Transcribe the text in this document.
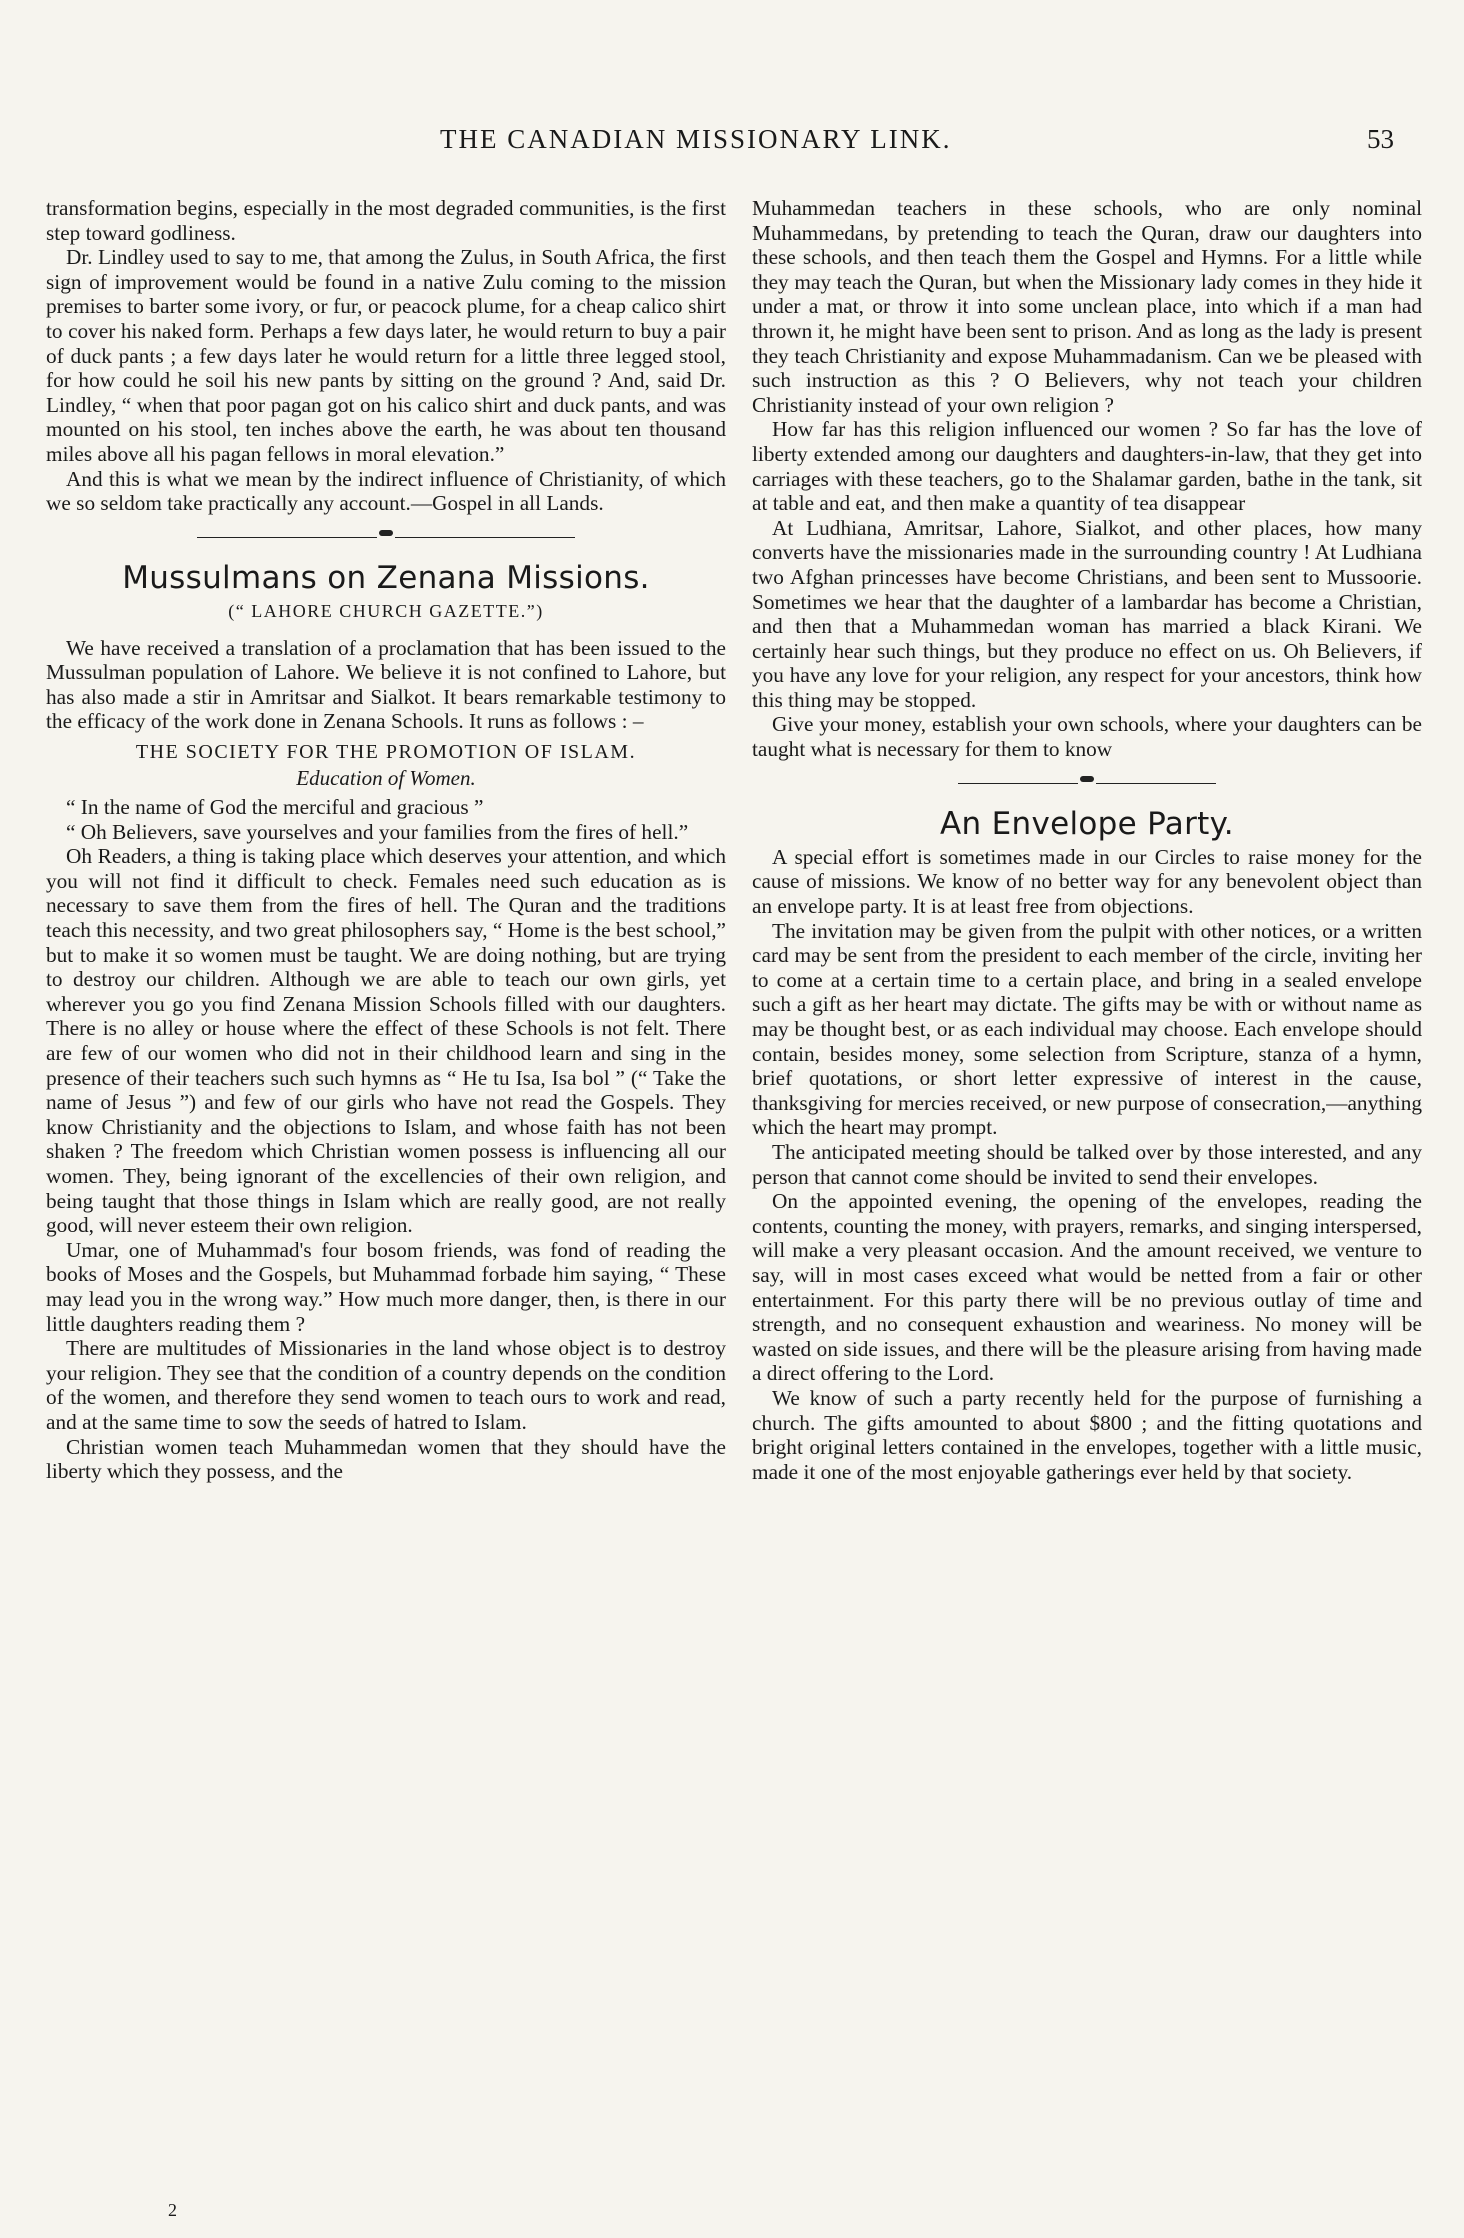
THE CANADIAN MISSIONARY LINK.	53

transformation begins, especially in the most degraded communities, is the first step toward godliness.

Dr. Lindley used to say to me, that among the Zulus, in South Africa, the first sign of improvement would be found in a native Zulu coming to the mission premises to barter some ivory, or fur, or peacock plume, for a cheap calico shirt to cover his naked form. Perhaps a few days later, he would return to buy a pair of duck pants ; a few days later he would return for a little three legged stool, for how could he soil his new pants by sitting on the ground ? And, said Dr. Lindley, “ when that poor pagan got on his calico shirt and duck pants, and was mounted on his stool, ten inches above the earth, he was about ten thousand miles above all his pagan fellows in moral elevation.”

And this is what we mean by the indirect influence of Christianity, of which we so seldom take practically any account.—Gospel in all Lands.

Mussulmans on Zenana Missions.
(“ LAHORE CHURCH GAZETTE.”)

We have received a translation of a proclamation that has been issued to the Mussulman population of Lahore. We believe it is not confined to Lahore, but has also made a stir in Amritsar and Sialkot. It bears remarkable testimony to the efficacy of the work done in Zenana Schools. It runs as follows : –

THE SOCIETY FOR THE PROMOTION OF ISLAM.
Education of Women.

“ In the name of God the merciful and gracious ”

“ Oh Believers, save yourselves and your families from the fires of hell.”

Oh Readers, a thing is taking place which deserves your attention, and which you will not find it difficult to check. Females need such education as is necessary to save them from the fires of hell. The Quran and the traditions teach this necessity, and two great philosophers say, “ Home is the best school,” but to make it so women must be taught. We are doing nothing, but are trying to destroy our children. Although we are able to teach our own girls, yet wherever you go you find Zenana Mission Schools filled with our daughters. There is no alley or house where the effect of these Schools is not felt. There are few of our women who did not in their childhood learn and sing in the presence of their teachers such such hymns as “ He tu Isa, Isa bol ” (“ Take the name of Jesus ”) and few of our girls who have not read the Gospels. They know Christianity and the objections to Islam, and whose faith has not been shaken ? The freedom which Christian women possess is influencing all our women. They, being ignorant of the excellencies of their own religion, and being taught that those things in Islam which are really good, are not really good, will never esteem their own religion.

Umar, one of Muhammad's four bosom friends, was fond of reading the books of Moses and the Gospels, but Muhammad forbade him saying, “ These may lead you in the wrong way.” How much more danger, then, is there in our little daughters reading them ?

There are multitudes of Missionaries in the land whose object is to destroy your religion. They see that the condition of a country depends on the condition of the women, and therefore they send women to teach ours to work and read, and at the same time to sow the seeds of hatred to Islam.

Christian women teach Muhammedan women that they should have the liberty which they possess, and the

Muhammedan teachers in these schools, who are only nominal Muhammedans, by pretending to teach the Quran, draw our daughters into these schools, and then teach them the Gospel and Hymns. For a little while they may teach the Quran, but when the Missionary lady comes in they hide it under a mat, or throw it into some unclean place, into which if a man had thrown it, he might have been sent to prison. And as long as the lady is present they teach Christianity and expose Muhammadanism. Can we be pleased with such instruction as this ? O Believers, why not teach your children Christianity instead of your own religion ?

How far has this religion influenced our women ? So far has the love of liberty extended among our daughters and daughters-in-law, that they get into carriages with these teachers, go to the Shalamar garden, bathe in the tank, sit at table and eat, and then make a quantity of tea disappear

At Ludhiana, Amritsar, Lahore, Sialkot, and other places, how many converts have the missionaries made in the surrounding country ! At Ludhiana two Afghan princesses have become Christians, and been sent to Mussoorie. Sometimes we hear that the daughter of a lambardar has become a Christian, and then that a Muhammedan woman has married a black Kirani. We certainly hear such things, but they produce no effect on us. Oh Believers, if you have any love for your religion, any respect for your ancestors, think how this thing may be stopped.

Give your money, establish your own schools, where your daughters can be taught what is necessary for them to know

An Envelope Party.

A special effort is sometimes made in our Circles to raise money for the cause of missions. We know of no better way for any benevolent object than an envelope party. It is at least free from objections.

The invitation may be given from the pulpit with other notices, or a written card may be sent from the president to each member of the circle, inviting her to come at a certain time to a certain place, and bring in a sealed envelope such a gift as her heart may dictate. The gifts may be with or without name as may be thought best, or as each individual may choose. Each envelope should contain, besides money, some selection from Scripture, stanza of a hymn, brief quotations, or short letter expressive of interest in the cause, thanksgiving for mercies received, or new purpose of consecration,—anything which the heart may prompt.

The anticipated meeting should be talked over by those interested, and any person that cannot come should be invited to send their envelopes.

On the appointed evening, the opening of the envelopes, reading the contents, counting the money, with prayers, remarks, and singing interspersed, will make a very pleasant occasion. And the amount received, we venture to say, will in most cases exceed what would be netted from a fair or other entertainment. For this party there will be no previous outlay of time and strength, and no consequent exhaustion and weariness. No money will be wasted on side issues, and there will be the pleasure arising from having made a direct offering to the Lord.

We know of such a party recently held for the purpose of furnishing a church. The gifts amounted to about $800 ; and the fitting quotations and bright original letters contained in the envelopes, together with a little music, made it one of the most enjoyable gatherings ever held by that society.

2
